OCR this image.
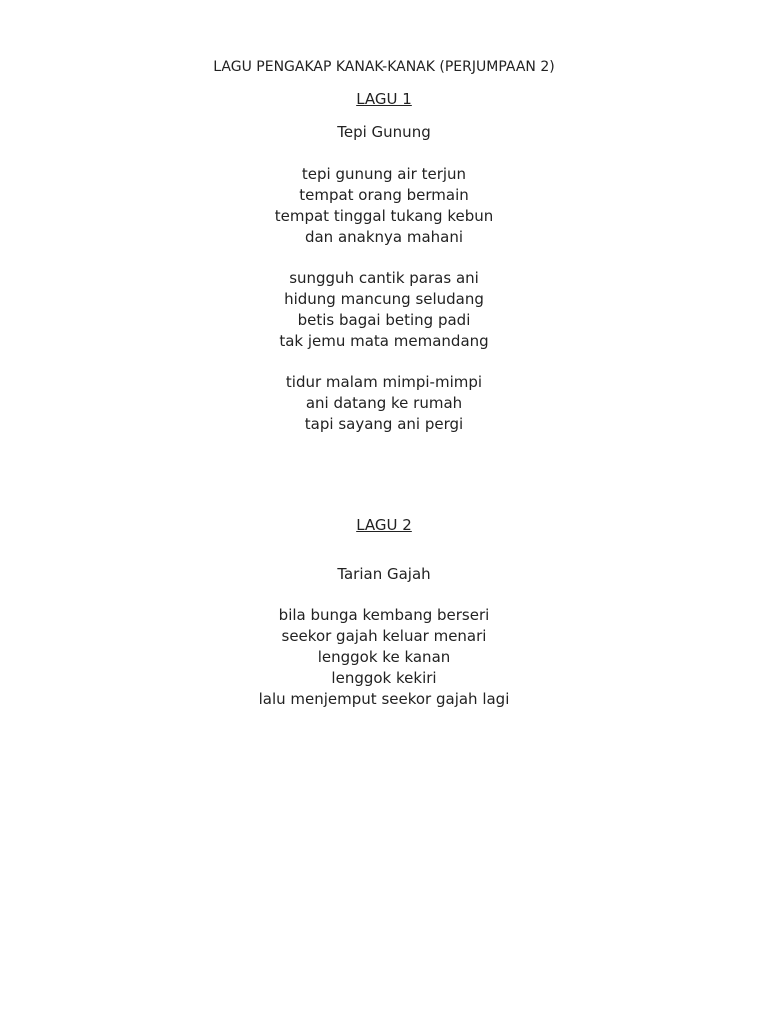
LAGU PENGAKAP KANAK-KANAK (PERJUMPAAN 2)
LAGU 1
Tepi Gunung
tepi gunung air terjun
tempat orang bermain
tempat tinggal tukang kebun
dan anaknya mahani
sungguh cantik paras ani
hidung mancung seludang
betis bagai beting padi
tak jemu mata memandang
tidur malam mimpi-mimpi
ani datang ke rumah
tapi sayang ani pergi
LAGU 2
Tarian Gajah
bila bunga kembang berseri
seekor gajah keluar menari
lenggok ke kanan
lenggok kekiri
lalu menjemput seekor gajah lagi
